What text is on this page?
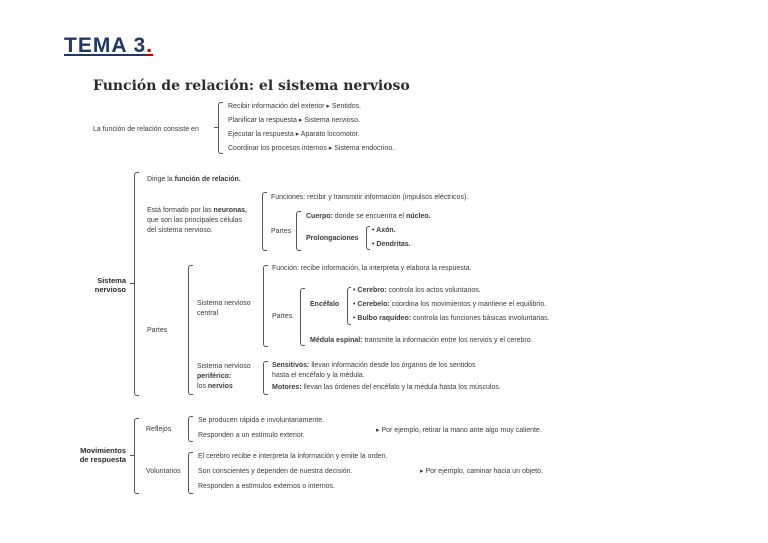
TEMA 3.
Función de relación: el sistema nervioso
La función de relación consiste en
Recibir información del exterior ▸ Sentidos.
Planificar la respuesta ▸ Sistema nervioso.
Ejecutar la respuesta ▸ Aparato locomotor.
Coordinar los procesos internos ▸ Sistema endocrino.
Sistema
nervioso
Dirige la función de relación.
Está formado por las neuronas,
que son las principales células
del sistema nervioso.
Funciones: recibir y transmitir información (impulsos eléctricos).
Partes
Cuerpo: donde se encuentra el núcleo.
Prolongaciones
• Axón.
• Dendritas.
Partes
Sistema nervioso
central
Función: recibe información, la interpreta y elabora la respuesta.
Partes
Encéfalo
• Cerebro: controla los actos voluntarios.
• Cerebelo: coordina los movimientos y mantiene el equilibrio.
• Bulbo raquídeo: controla las funciones básicas involuntarias.
Médula espinal: transmite la información entre los nervios y el cerebro.
Sistema nervioso
periférico:
los nervios
Sensitivos: llevan información desde los órganos de los sentidos
hasta el encéfalo y la médula.
Motores: llevan las órdenes del encéfalo y la médula hasta los músculos.
Movimientos
de respuesta
Reflejos
Se producen rápida e involuntariamente.
Responden a un estímulo exterior.
▸ Por ejemplo, retirar la mano ante algo muy caliente.
Voluntarios
El cerebro recibe e interpreta la información y emite la orden.
Son conscientes y dependen de nuestra decisión.
Responden a estímulos externos o internos.
▸ Por ejemplo, caminar hacia un objeto.
